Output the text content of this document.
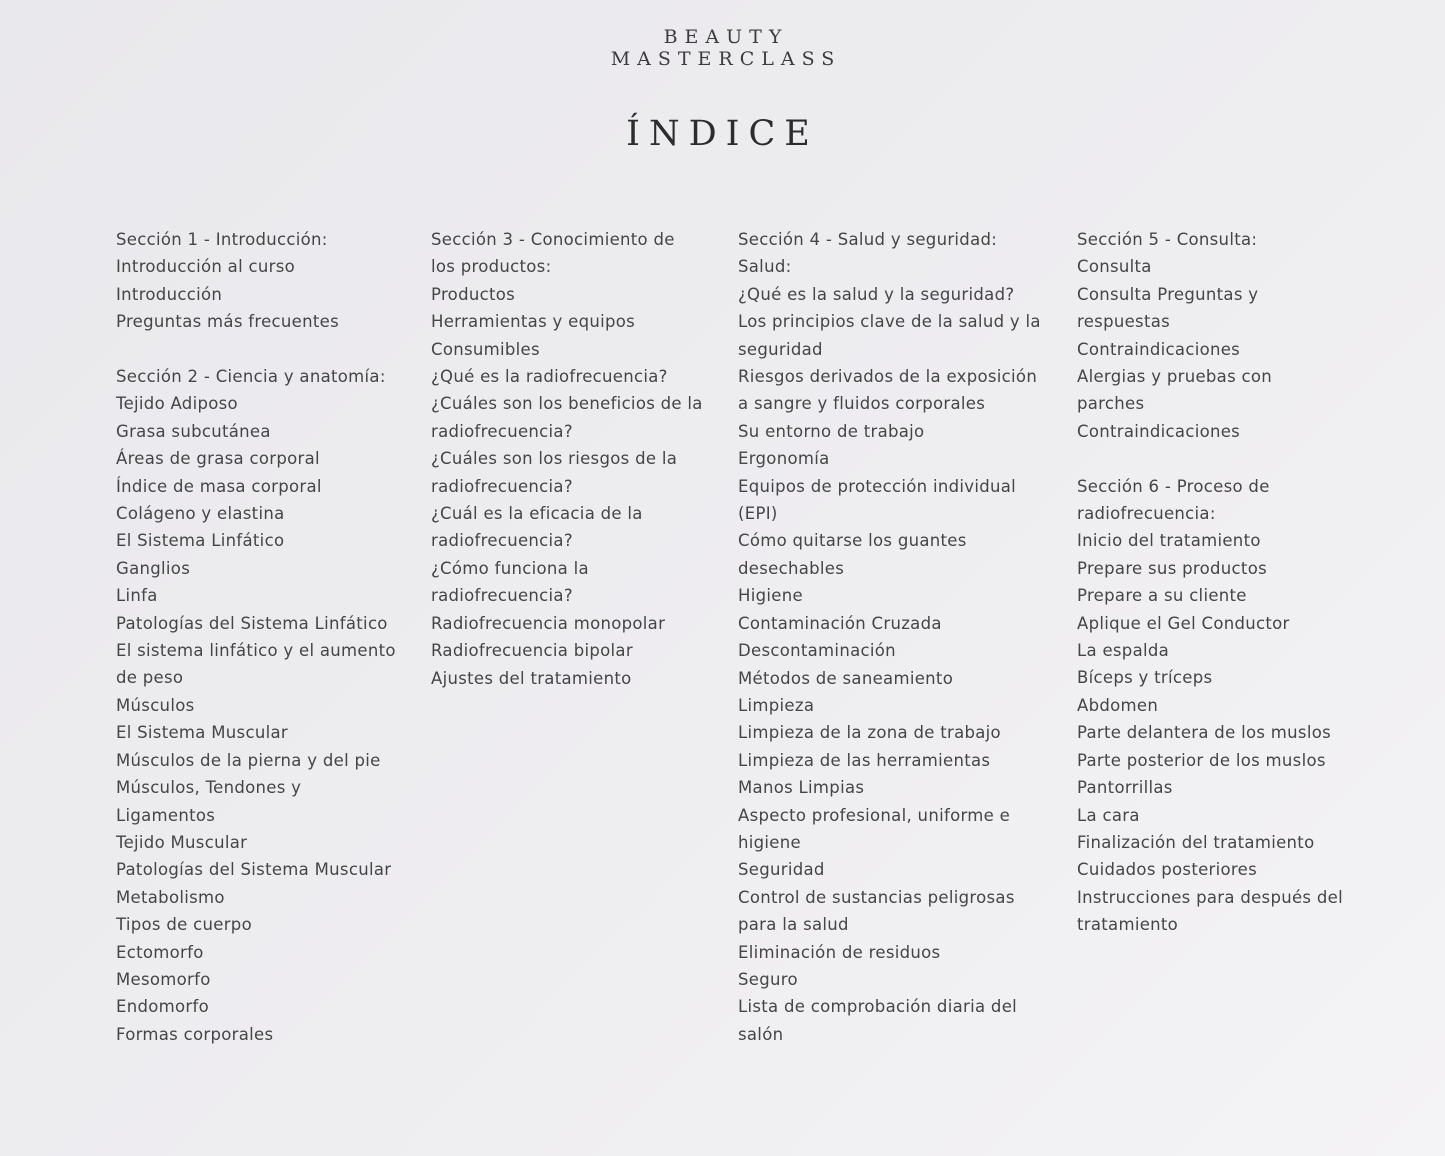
BEAUTY
MASTERCLASS
ÍNDICE
Sección 1 - Introducción:
Introducción al curso
Introducción
Preguntas más frecuentes
Sección 2 - Ciencia y anatomía:
Tejido Adiposo
Grasa subcutánea
Áreas de grasa corporal
Índice de masa corporal
Colágeno y elastina
El Sistema Linfático
Ganglios
Linfa
Patologías del Sistema Linfático
El sistema linfático y el aumento
de peso
Músculos
El Sistema Muscular
Músculos de la pierna y del pie
Músculos, Tendones y
Ligamentos
Tejido Muscular
Patologías del Sistema Muscular
Metabolismo
Tipos de cuerpo
Ectomorfo
Mesomorfo
Endomorfo
Formas corporales
Sección 3 - Conocimiento de
los productos:
Productos
Herramientas y equipos
Consumibles
¿Qué es la radiofrecuencia?
¿Cuáles son los beneficios de la
radiofrecuencia?
¿Cuáles son los riesgos de la
radiofrecuencia?
¿Cuál es la eficacia de la
radiofrecuencia?
¿Cómo funciona la
radiofrecuencia?
Radiofrecuencia monopolar
Radiofrecuencia bipolar
Ajustes del tratamiento
Sección 4 - Salud y seguridad:
Salud:
¿Qué es la salud y la seguridad?
Los principios clave de la salud y la
seguridad
Riesgos derivados de la exposición
a sangre y fluidos corporales
Su entorno de trabajo
Ergonomía
Equipos de protección individual
(EPI)
Cómo quitarse los guantes
desechables
Higiene
Contaminación Cruzada
Descontaminación
Métodos de saneamiento
Limpieza
Limpieza de la zona de trabajo
Limpieza de las herramientas
Manos Limpias
Aspecto profesional, uniforme e
higiene
Seguridad
Control de sustancias peligrosas
para la salud
Eliminación de residuos
Seguro
Lista de comprobación diaria del
salón
Sección 5 - Consulta:
Consulta
Consulta Preguntas y
respuestas
Contraindicaciones
Alergias y pruebas con
parches
Contraindicaciones
Sección 6 - Proceso de
radiofrecuencia:
Inicio del tratamiento
Prepare sus productos
Prepare a su cliente
Aplique el Gel Conductor
La espalda
Bíceps y tríceps
Abdomen
Parte delantera de los muslos
Parte posterior de los muslos
Pantorrillas
La cara
Finalización del tratamiento
Cuidados posteriores
Instrucciones para después del
tratamiento
